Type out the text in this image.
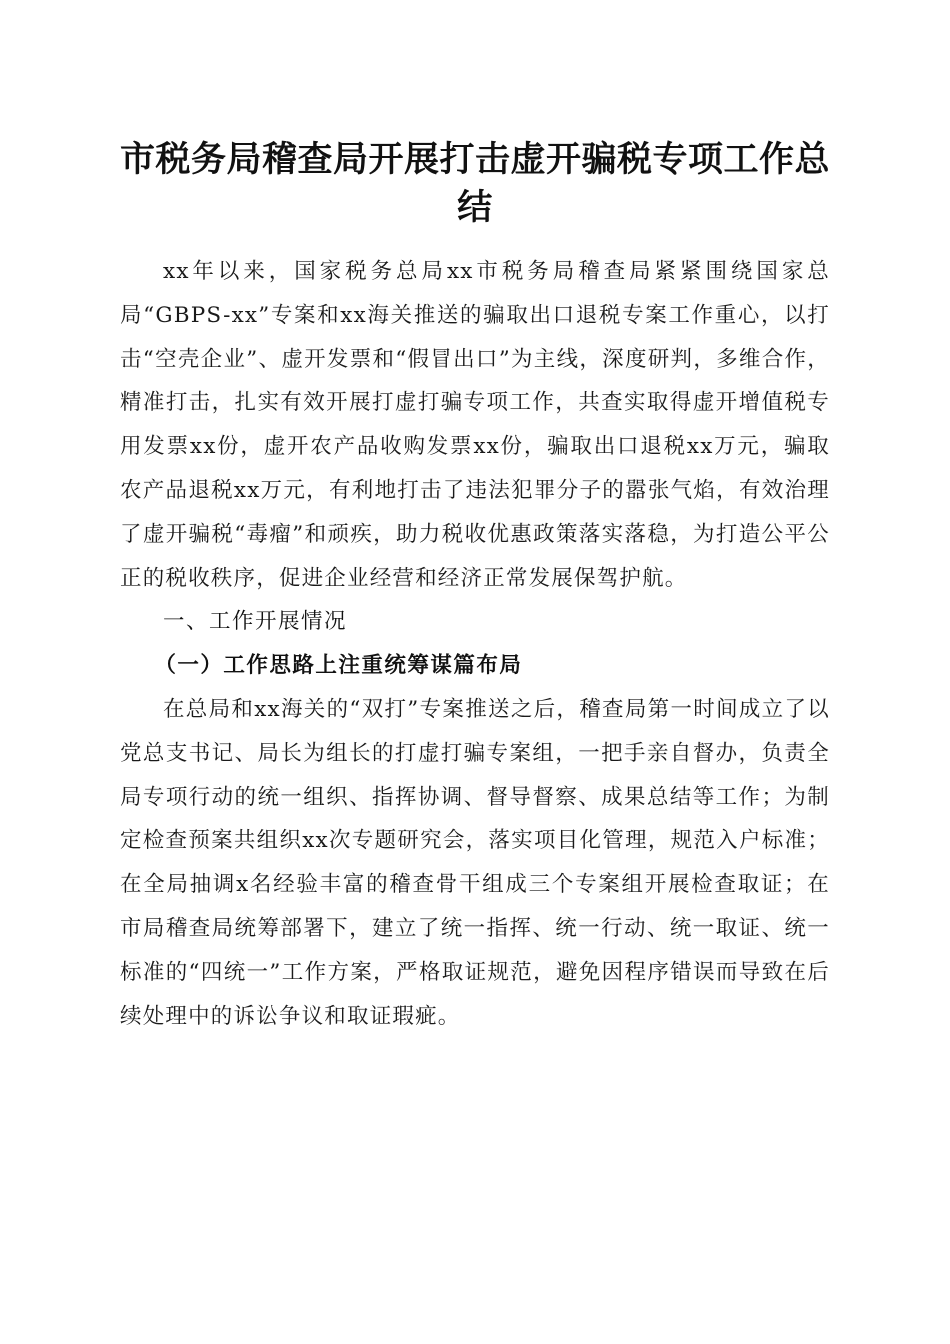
市税务局稽查局开展打击虚开骗税专项工作总结

xx年以来，国家税务总局xx市税务局稽查局紧紧围绕国家总局“GBPS-xx”专案和xx海关推送的骗取出口退税专案工作重心，以打击“空壳企业”、虚开发票和“假冒出口”为主线，深度研判，多维合作，精准打击，扎实有效开展打虚打骗专项工作，共查实取得虚开增值税专用发票xx份，虚开农产品收购发票xx份，骗取出口退税xx万元，骗取农产品退税xx万元，有利地打击了违法犯罪分子的嚣张气焰，有效治理了虚开骗税“毒瘤”和顽疾，助力税收优惠政策落实落稳，为打造公平公正的税收秩序，促进企业经营和经济正常发展保驾护航。

一、工作开展情况

（一）工作思路上注重统筹谋篇布局

在总局和xx海关的“双打”专案推送之后，稽查局第一时间成立了以党总支书记、局长为组长的打虚打骗专案组，一把手亲自督办，负责全局专项行动的统一组织、指挥协调、督导督察、成果总结等工作；为制定检查预案共组织xx次专题研究会，落实项目化管理，规范入户标准；在全局抽调x名经验丰富的稽查骨干组成三个专案组开展检查取证；在市局稽查局统筹部署下，建立了统一指挥、统一行动、统一取证、统一标准的“四统一”工作方案，严格取证规范，避免因程序错误而导致在后续处理中的诉讼争议和取证瑕疵。
